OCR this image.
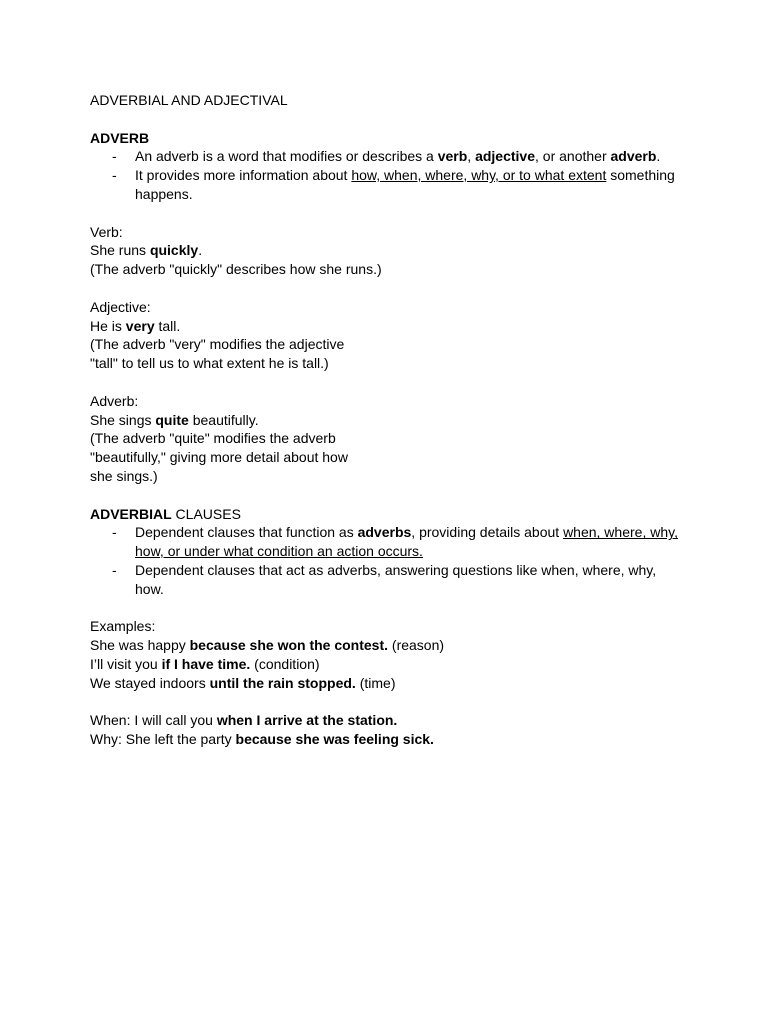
ADVERBIAL AND ADJECTIVAL
ADVERB
- An adverb is a word that modifies or describes a verb, adjective, or another adverb.
- It provides more information about how, when, where, why, or to what extent something
happens.
Verb:
She runs quickly.
(The adverb "quickly" describes how she runs.)
Adjective:
He is very tall.
(The adverb "very" modifies the adjective
"tall" to tell us to what extent he is tall.)
Adverb:
She sings quite beautifully.
(The adverb "quite" modifies the adverb
"beautifully," giving more detail about how
she sings.)
ADVERBIAL CLAUSES
- Dependent clauses that function as adverbs, providing details about when, where, why,
how, or under what condition an action occurs.
- Dependent clauses that act as adverbs, answering questions like when, where, why,
how.
Examples:
She was happy because she won the contest. (reason)
I’ll visit you if I have time. (condition)
We stayed indoors until the rain stopped. (time)
When: I will call you when I arrive at the station.
Why: She left the party because she was feeling sick.
